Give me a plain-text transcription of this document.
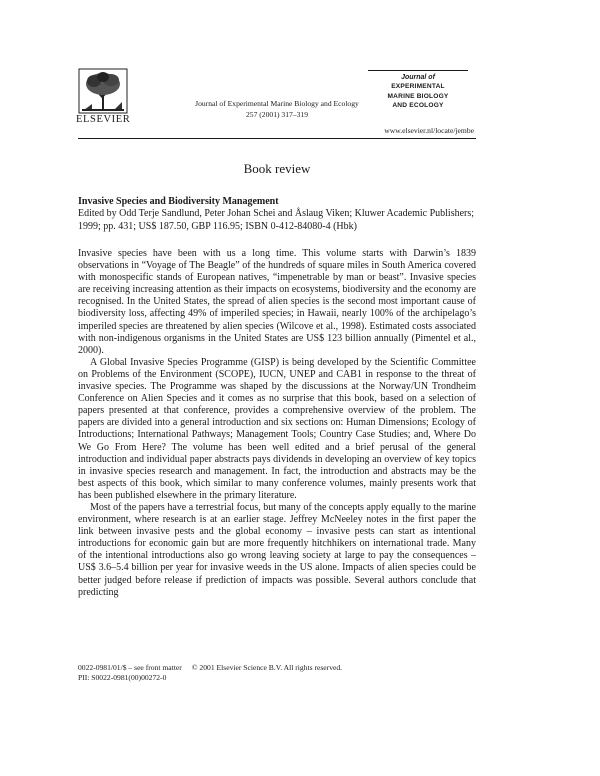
ELSEVIER
Journal of Experimental Marine Biology and Ecology
257 (2001) 317–319
Journal of
EXPERIMENTAL
MARINE BIOLOGY
AND ECOLOGY
www.elsevier.nl/locate/jembe
Book review
Invasive Species and Biodiversity Management
Edited by Odd Terje Sandlund, Peter Johan Schei and Åslaug Viken; Kluwer Academic Publishers; 1999; pp. 431; US$ 187.50, GBP 116.95; ISBN 0-412-84080-4 (Hbk)

Invasive species have been with us a long time. This volume starts with Darwin’s 1839 observations in “Voyage of The Beagle” of the hundreds of square miles in South America covered with monospecific stands of European natives, “impenetrable by man or beast”. Invasive species are receiving increasing attention as their impacts on ecosystems, biodiversity and the economy are recognised. In the United States, the spread of alien species is the second most important cause of biodiversity loss, affecting 49% of imperiled species; in Hawaii, nearly 100% of the archipelago’s imperiled species are threatened by alien species (Wilcove et al., 1998). Estimated costs associated with non-indigenous organisms in the United States are US$ 123 billion annually (Pimentel et al., 2000).

A Global Invasive Species Programme (GISP) is being developed by the Scientific Committee on Problems of the Environment (SCOPE), IUCN, UNEP and CAB1 in response to the threat of invasive species. The Programme was shaped by the discussions at the Norway/UN Trondheim Conference on Alien Species and it comes as no surprise that this book, based on a selection of papers presented at that conference, provides a comprehensive overview of the problem. The papers are divided into a general introduction and six sections on: Human Dimensions; Ecology of Introductions; International Pathways; Management Tools; Country Case Studies; and, Where Do We Go From Here? The volume has been well edited and a brief perusal of the general introduction and individual paper abstracts pays dividends in developing an overview of key topics in invasive species research and management. In fact, the introduction and abstracts may be the best aspects of this book, which similar to many conference volumes, mainly presents work that has been published elsewhere in the primary literature.

Most of the papers have a terrestrial focus, but many of the concepts apply equally to the marine environment, where research is at an earlier stage. Jeffrey McNeeley notes in the first paper the link between invasive pests and the global economy – invasive pests can start as intentional introductions for economic gain but are more frequently hitchhikers on international trade. Many of the intentional introductions also go wrong leaving society at large to pay the consequences – US$ 3.6–5.4 billion per year for invasive weeds in the US alone. Impacts of alien species could be better judged before release if prediction of impacts was possible. Several authors conclude that predicting

0022-0981/01/$ – see front matter © 2001 Elsevier Science B.V. All rights reserved.
PII: S0022-0981(00)00272-0
